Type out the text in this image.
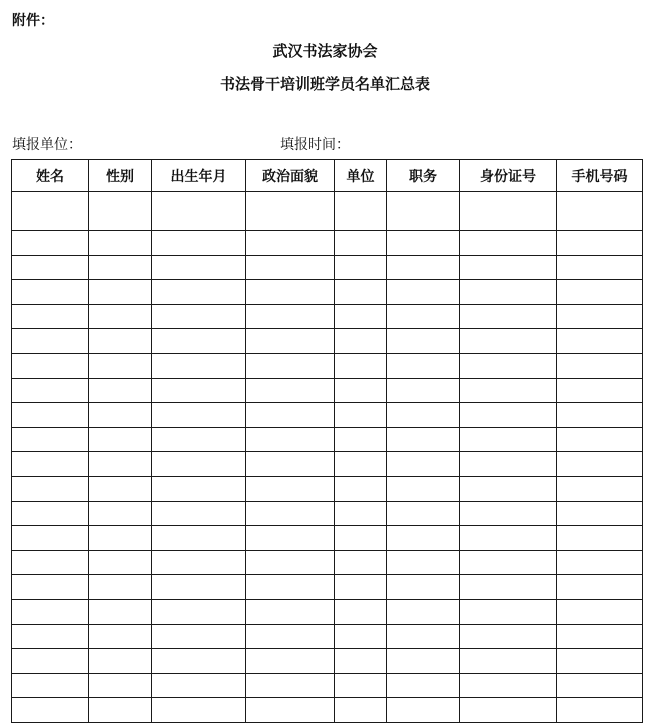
附件：
武汉书法家协会
书法骨干培训班学员名单汇总表
填报单位：	填报时间：
姓名	性别	出生年月	政治面貌	单位	职务	身份证号	手机号码
